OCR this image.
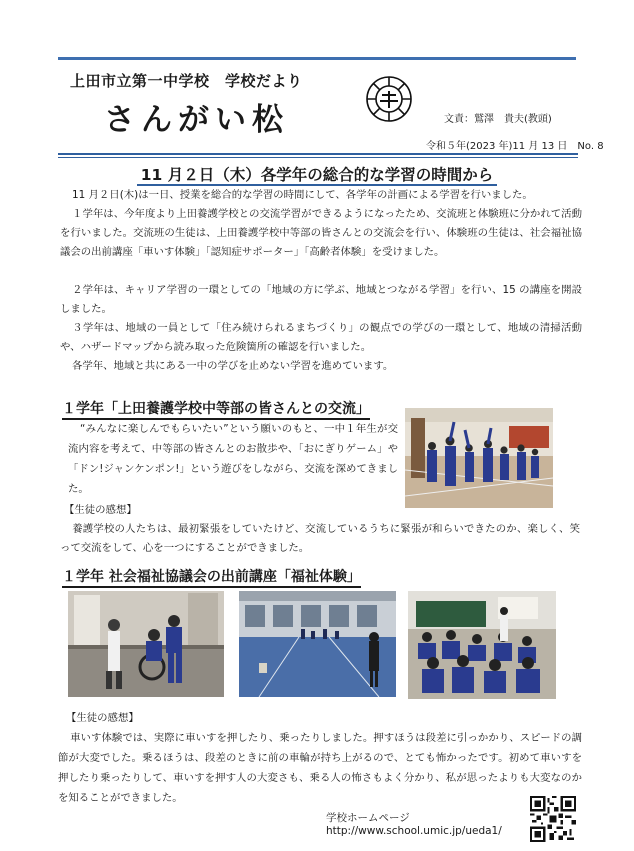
上田市立第一中学校　学校だより
さんがい松	文責：鷲澤　貴夫(教頭)
令和５年(2023 年)11 月 13 日　No. 8
11 月２日（木）各学年の総合的な学習の時間から
11 月２日(木)は一日、授業を総合的な学習の時間にして、各学年の計画による学習を行いました。
１学年は、今年度より上田養護学校との交流学習ができるようになったため、交流班と体験班に分かれて活動を行いました。交流班の生徒は、上田養護学校中等部の皆さんとの交流会を行い、体験班の生徒は、社会福祉協議会の出前講座「車いす体験」「認知症サポーター」「高齢者体験」を受けました。
２学年は、キャリア学習の一環としての「地域の方に学ぶ、地域とつながる学習」を行い、15 の講座を開設しました。
３学年は、地域の一員として「住み続けられるまちづくり」の観点での学びの一環として、地域の清掃活動や、ハザードマップから読み取った危険箇所の確認を行いました。
各学年、地域と共にある一中の学びを止めない学習を進めています。
１学年「上田養護学校中等部の皆さんとの交流」
“みんなに楽しんでもらいたい”という願いのもと、一中１年生が交流内容を考えて、中等部の皆さんとのお散歩や、「おにぎりゲーム」や「ドン!ジャンケンポン!」という遊びをしながら、交流を深めてきました。
【生徒の感想】
養護学校の人たちは、最初緊張をしていたけど、交流しているうちに緊張が和らいできたのか、楽しく、笑って交流をして、心を一つにすることができました。
１学年 社会福祉協議会の出前講座「福祉体験」
【生徒の感想】
車いす体験では、実際に車いすを押したり、乗ったりしました。押すほうは段差に引っかかり、スピードの調節が大変でした。乗るほうは、段差のときに前の車輪が持ち上がるので、とても怖かったです。初めて車いすを押したり乗ったりして、車いすを押す人の大変さも、乗る人の怖さもよく分かり、私が思ったよりも大変なのかを知ることができました。
学校ホームページ
http://www.school.umic.jp/ueda1/
